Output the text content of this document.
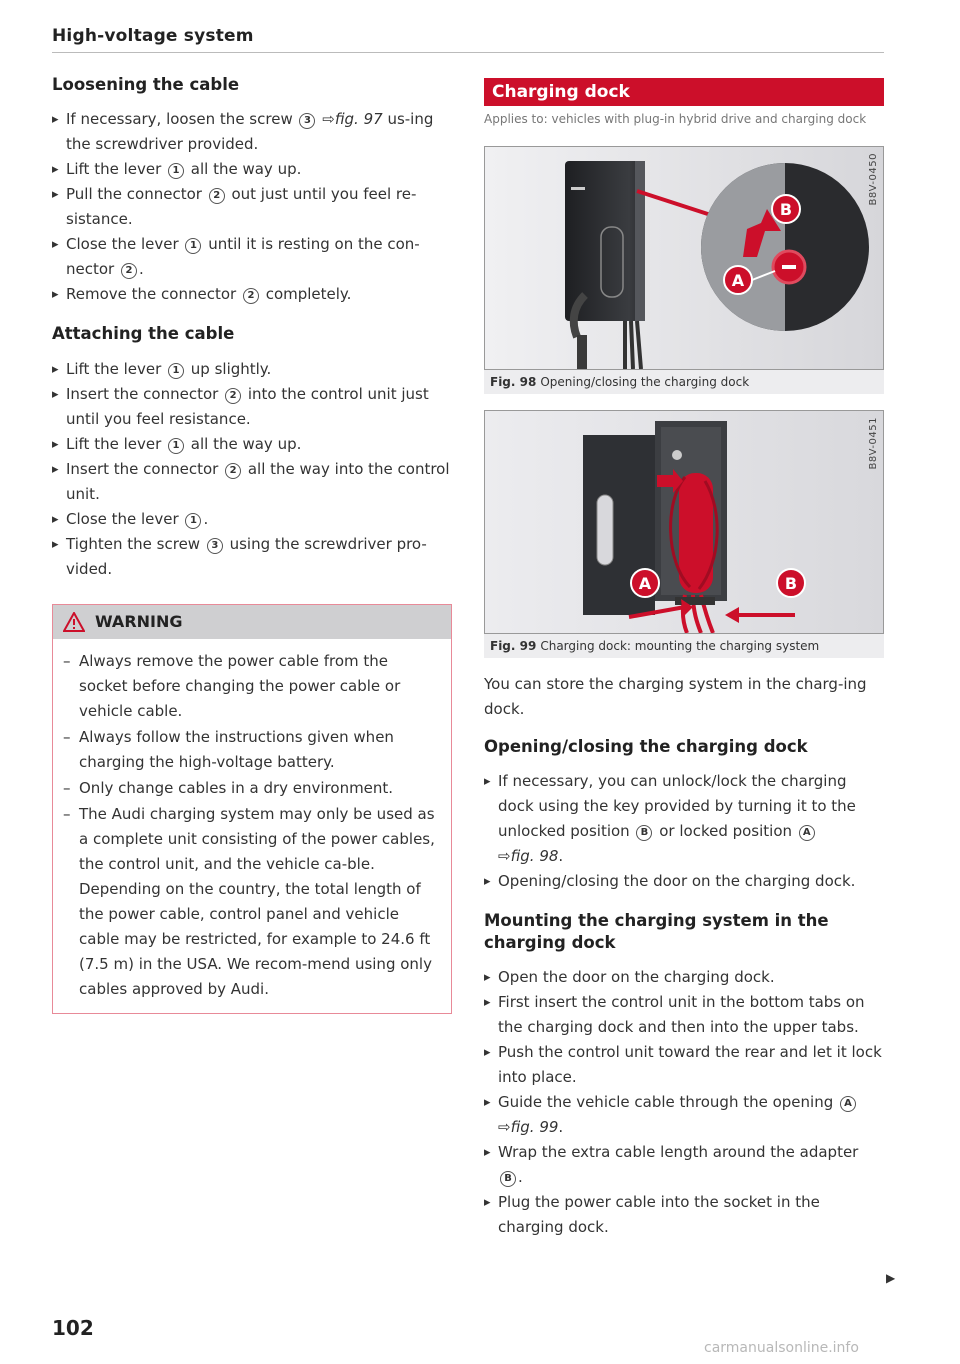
High-voltage system
Loosening the cable
▸ If necessary, loosen the screw 3 ⇨fig. 97 us-ing the screwdriver provided.
▸ Lift the lever 1 all the way up.
▸ Pull the connector 2 out just until you feel re-sistance.
▸ Close the lever 1 until it is resting on the con-nector 2 .
▸ Remove the connector 2 completely.
Attaching the cable
▸ Lift the lever 1 up slightly.
▸ Insert the connector 2 into the control unit just until you feel resistance.
▸ Lift the lever 1 all the way up.
▸ Insert the connector 2 all the way into the control unit.
▸ Close the lever 1 .
▸ Tighten the screw 3 using the screwdriver pro-vided.
WARNING
– Always remove the power cable from the socket before changing the power cable or vehicle cable.
– Always follow the instructions given when charging the high-voltage battery.
– Only change cables in a dry environment.
– The Audi charging system may only be used as a complete unit consisting of the power cables, the control unit, and the vehicle ca-ble. Depending on the country, the total length of the power cable, control panel and vehicle cable may be restricted, for example to 24.6 ft (7.5 m) in the USA. We recom-mend using only cables approved by Audi.
Charging dock
Applies to: vehicles with plug-in hybrid drive and charging dock
B
A
B8V-0450
Fig. 98 Opening/closing the charging dock
A	B
B8V-0451
Fig. 99 Charging dock: mounting the charging system

You can store the charging system in the charg-ing dock.

Opening/closing the charging dock
▸ If necessary, you can unlock/lock the charging dock using the key provided by turning it to the unlocked position B or locked position A
⇨fig. 98.
▸ Opening/closing the door on the charging dock.
Mounting the charging system in the charging dock
▸ Open the door on the charging dock.
▸ First insert the control unit in the bottom tabs on the charging dock and then into the upper tabs.
▸ Push the control unit toward the rear and let it lock into place.
▸ Guide the vehicle cable through the opening A
⇨fig. 99.
▸ Wrap the extra cable length around the adapter
B .
▸ Plug the power cable into the socket in the charging dock.
▶
102
carmanualsonline.info
